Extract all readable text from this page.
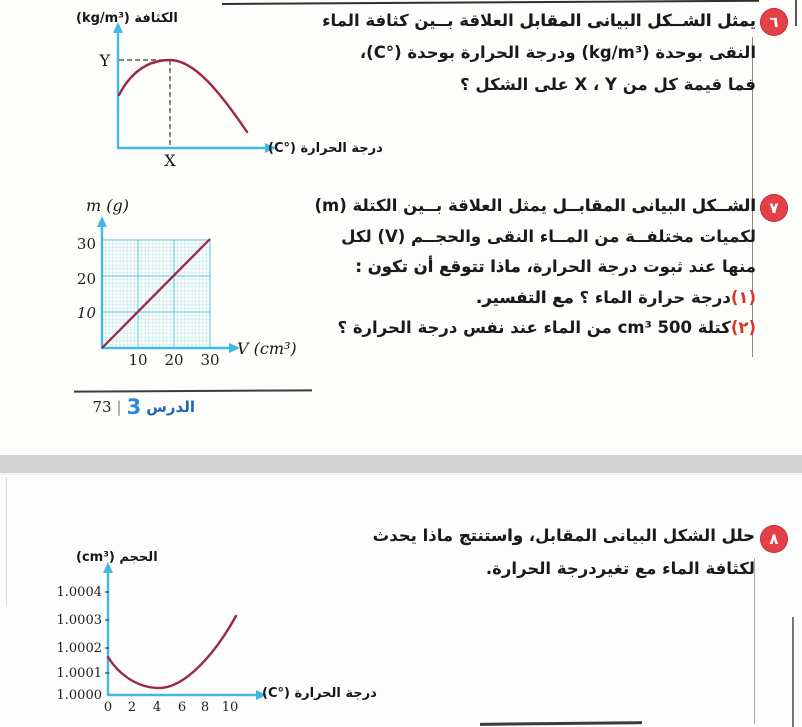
٦
يمثل الشــكل البيانى المقابل العلاقة بــين كثافة الماء
النقى بوحدة (kg/m³) ودرجة الحرارة بوحدة (°C)،
فما قيمة كل من X ، Y على الشكل ؟
Y
X
الكثافة (kg/m³)
درجة الحرارة (°C)
٧
الشــكل البيانى المقابــل يمثل العلاقة بــين الكتلة (m)
لكميات مختلفــة من المــاء النقى والحجــم (V) لكل
منها عند ثبوت درجة الحرارة، ماذا تتوقع أن تكون :
(١)درجة حرارة الماء ؟ مع التفسير.
(٢)كتلة 500 cm³ من الماء عند نفس درجة الحرارة ؟
30
20
10
10 20 30
m (g)
V (cm³)
الدرس
3
|
73
٨
حلل الشكل البيانى المقابل، واستنتج ماذا يحدث
لكثافة الماء مع تغيردرجة الحرارة.
1.0004
1.0003
1.0002
1.0001
1.0000
0 2 4 6 8 10
الحجم (cm³)
درجة الحرارة (°C)
